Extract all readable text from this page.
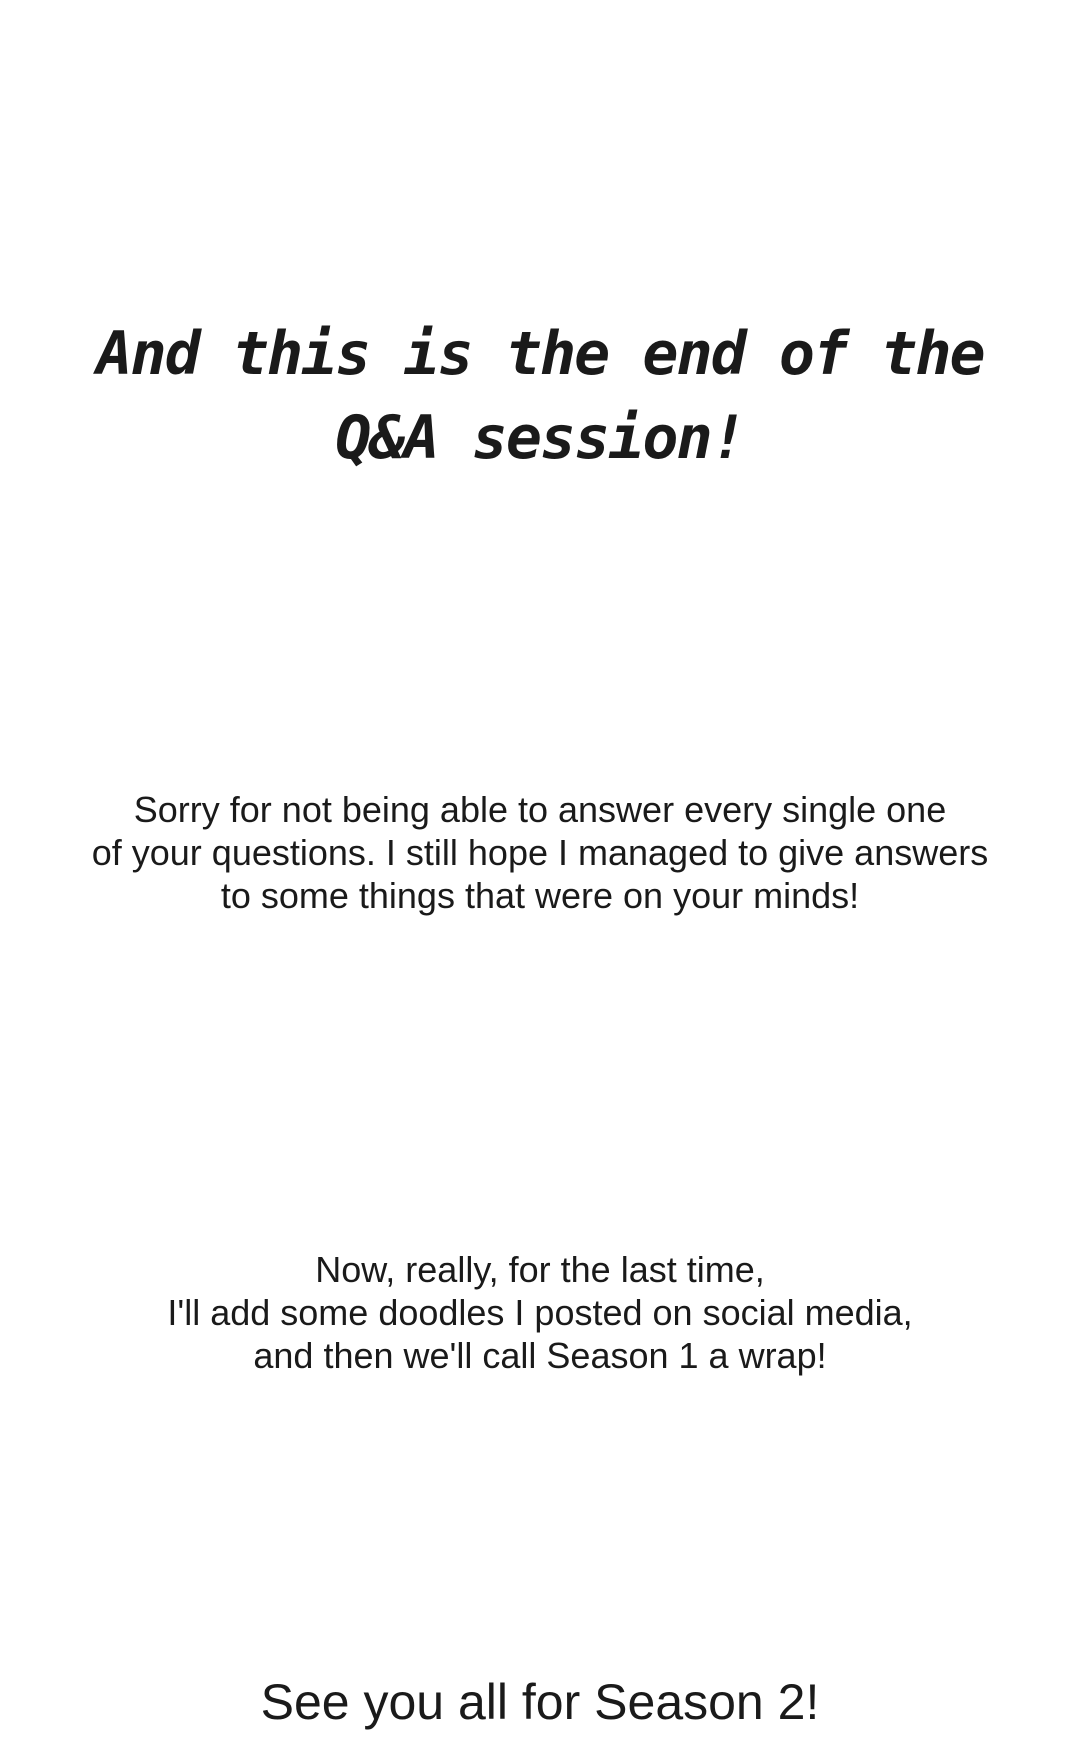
And this is the end of the
Q&A session!

Sorry for not being able to answer every single one
of your questions. I still hope I managed to give answers
to some things that were on your minds!

Now, really, for the last time,
I'll add some doodles I posted on social media,
and then we'll call Season 1 a wrap!

See you all for Season 2!
